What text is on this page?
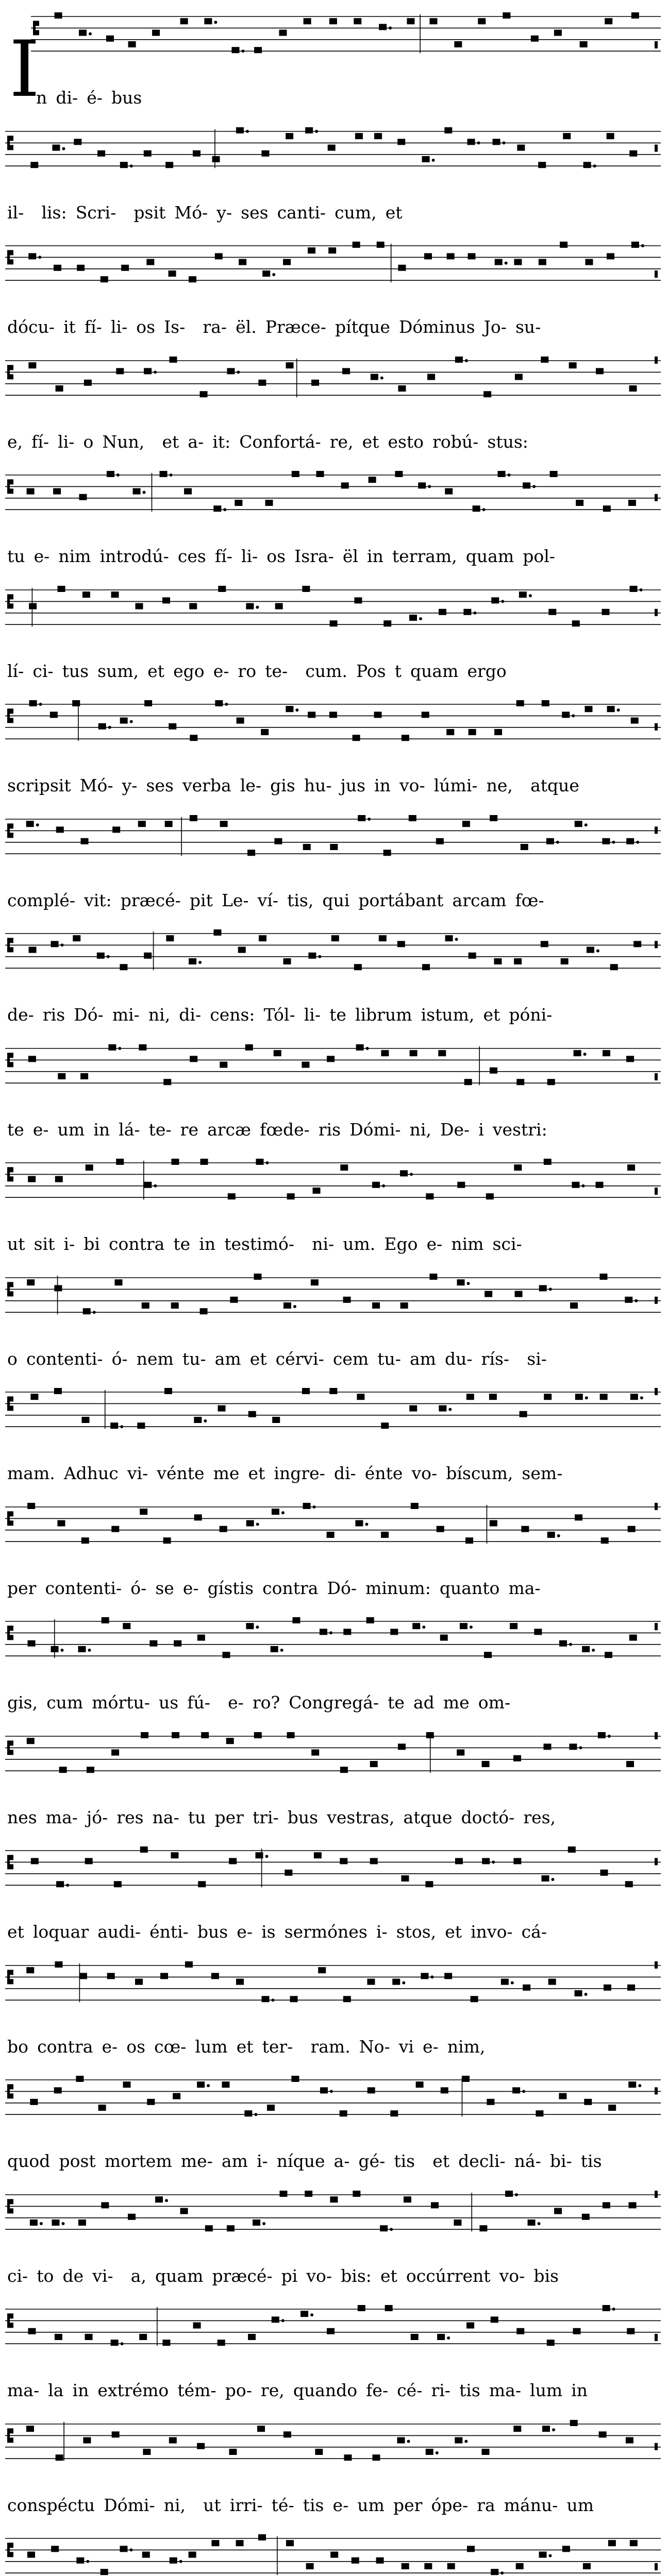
I
n di- é- bus
il-  lis: Scri-  psit Mó- y- ses canti- cum, et
dócu- it fí- li- os Is-  ra- ël. Præce- pítque Dóminus Jo- su-
e, fí- li- o Nun,  et a- it: Confortá- re, et esto robú- stus:
tu e- nim introdú- ces fí- li- os Isra- ël in terram, quam pol-
lí- ci- tus sum, et ego e- ro te-  cum. Pos t quam ergo
scripsit Mó- y- ses verba le- gis hu- jus in vo- lúmi- ne,  atque
complé- vit: præcé- pit Le- ví- tis, qui portábant arcam fœ-
de- ris Dó- mi- ni, di- cens: Tól- li- te librum istum, et póni-
te e- um in lá- te- re arcæ fœde- ris Dómi- ni, De- i vestri:
ut sit i- bi contra te in testimó-  ni- um. Ego e- nim sci-
o contenti- ó- nem tu- am et cérvi- cem tu- am du- rís-  si-
mam. Adhuc vi- vénte me et ingre- di- énte vo- bíscum, sem-
per contenti- ó- se e- gístis contra Dó- minum: quanto ma-
gis, cum mórtu- us fú-  e- ro? Congregá- te ad me om-
nes ma- jó- res na- tu per tri- bus vestras, atque doctó- res,
et loquar audi- énti- bus e- is sermónes i- stos, et invo- cá-
bo contra e- os cœ- lum et ter-  ram. No- vi e- nim,
quod post mortem me- am i- níque a- gé- tis  et decli- ná- bi- tis
ci- to de vi-  a, quam præcé- pi vo- bis: et occúrrent vo- bis
ma- la in extrémo tém- po- re, quando fe- cé- ri- tis ma- lum in
conspéctu Dómi- ni,  ut irri- té- tis e- um per ópe- ra mánu- um
